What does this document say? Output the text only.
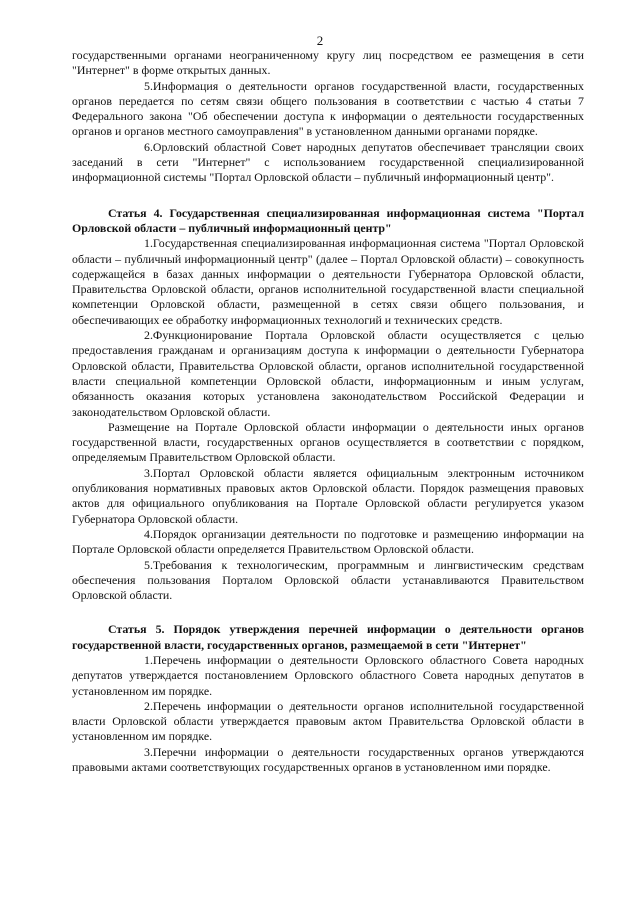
2

государственными органами неограниченному кругу лиц посредством ее размещения в сети "Интернет" в форме открытых данных.

5.Информация о деятельности органов государственной власти, государственных органов передается по сетям связи общего пользования в соответствии с частью 4 статьи 7 Федерального закона "Об обеспечении доступа к информации о деятельности государственных органов и органов местного самоуправления" в установленном данными органами порядке.

6.Орловский областной Совет народных депутатов обеспечивает трансляции своих заседаний в сети "Интернет" с использованием государственной специализированной информационной системы "Портал Орловской области – публичный информационный центр".

Статья 4. Государственная специализированная информационная система "Портал Орловской области – публичный информационный центр"

1.Государственная специализированная информационная система "Портал Орловской области – публичный информационный центр" (далее – Портал Орловской области) – совокупность содержащейся в базах данных информации о деятельности Губернатора Орловской области, Правительства Орловской области, органов исполнительной государственной власти специальной компетенции Орловской области, размещенной в сетях связи общего пользования, и обеспечивающих ее обработку информационных технологий и технических средств.

2.Функционирование Портала Орловской области осуществляется с целью предоставления гражданам и организациям доступа к информации о деятельности Губернатора Орловской области, Правительства Орловской области, органов исполнительной государственной власти специальной компетенции Орловской области, информационным и иным услугам, обязанность оказания которых установлена законодательством Российской Федерации и законодательством Орловской области.

Размещение на Портале Орловской области информации о деятельности иных органов государственной власти, государственных органов осуществляется в соответствии с порядком, определяемым Правительством Орловской области.

3.Портал Орловской области является официальным электронным источником опубликования нормативных правовых актов Орловской области. Порядок размещения правовых актов для официального опубликования на Портале Орловской области регулируется указом Губернатора Орловской области.

4.Порядок организации деятельности по подготовке и размещению информации на Портале Орловской области определяется Правительством Орловской области.

5.Требования к технологическим, программным и лингвистическим средствам обеспечения пользования Порталом Орловской области устанавливаются Правительством Орловской области.

Статья 5. Порядок утверждения перечней информации о деятельности органов государственной власти, государственных органов, размещаемой в сети "Интернет"

1.Перечень информации о деятельности Орловского областного Совета народных депутатов утверждается постановлением Орловского областного Совета народных депутатов в установленном им порядке.

2.Перечень информации о деятельности органов исполнительной государственной власти Орловской области утверждается правовым актом Правительства Орловской области в установленном им порядке.

3.Перечни информации о деятельности государственных органов утверждаются правовыми актами соответствующих государственных органов в установленном ими порядке.
